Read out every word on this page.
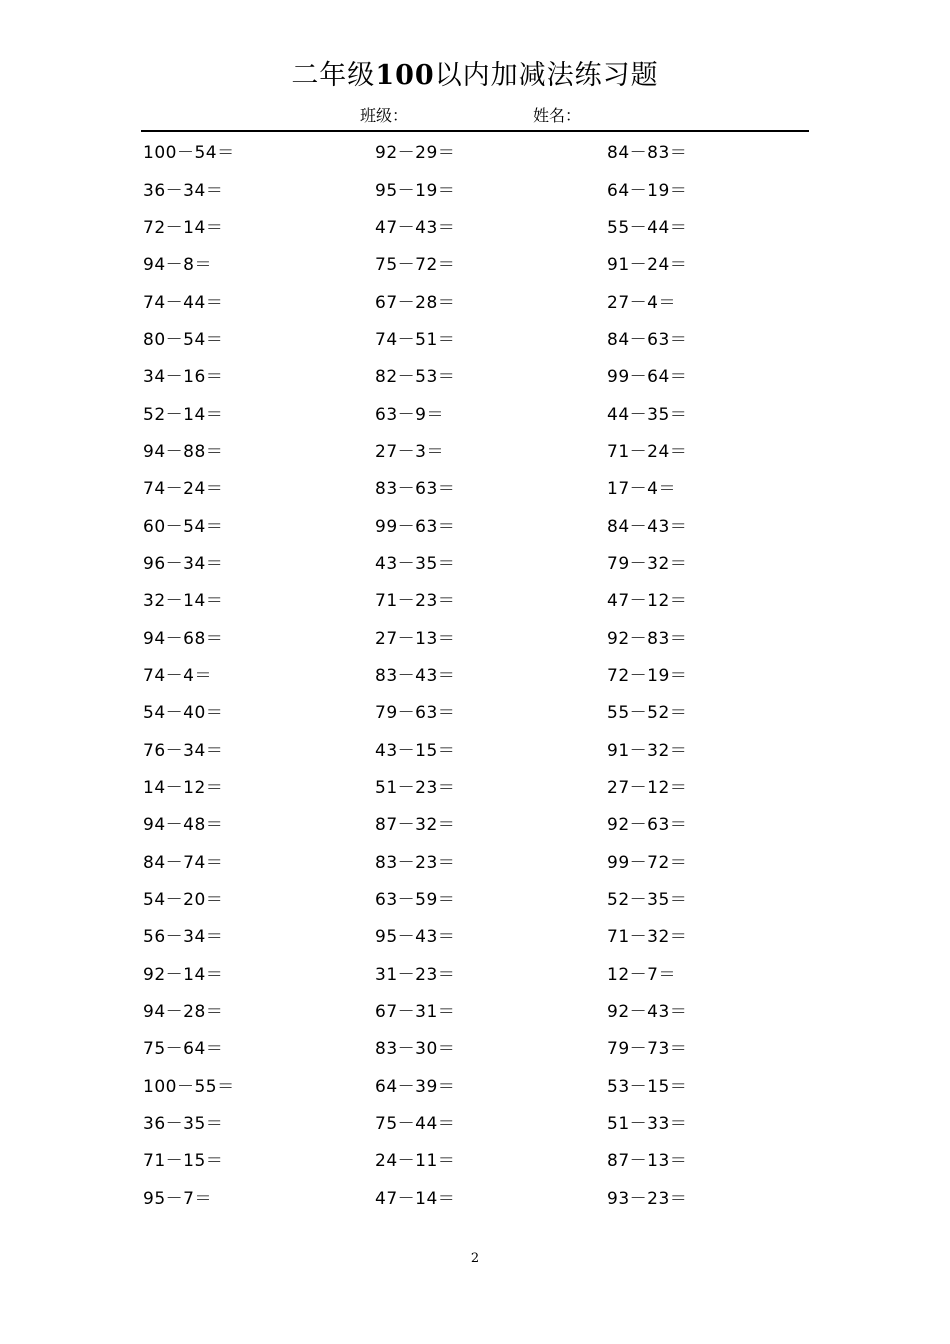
二年级100以内加减法练习题
班级：	姓名：
100－54＝	92－29＝	84－83＝
36－34＝	95－19＝	64－19＝
72－14＝	47－43＝	55－44＝
94－8＝	75－72＝	91－24＝
74－44＝	67－28＝	27－4＝
80－54＝	74－51＝	84－63＝
34－16＝	82－53＝	99－64＝
52－14＝	63－9＝	44－35＝
94－88＝	27－3＝	71－24＝
74－24＝	83－63＝	17－4＝
60－54＝	99－63＝	84－43＝
96－34＝	43－35＝	79－32＝
32－14＝	71－23＝	47－12＝
94－68＝	27－13＝	92－83＝
74－4＝	83－43＝	72－19＝
54－40＝	79－63＝	55－52＝
76－34＝	43－15＝	91－32＝
14－12＝	51－23＝	27－12＝
94－48＝	87－32＝	92－63＝
84－74＝	83－23＝	99－72＝
54－20＝	63－59＝	52－35＝
56－34＝	95－43＝	71－32＝
92－14＝	31－23＝	12－7＝
94－28＝	67－31＝	92－43＝
75－64＝	83－30＝	79－73＝
100－55＝	64－39＝	53－15＝
36－35＝	75－44＝	51－33＝
71－15＝	24－11＝	87－13＝
95－7＝	47－14＝	93－23＝
2
